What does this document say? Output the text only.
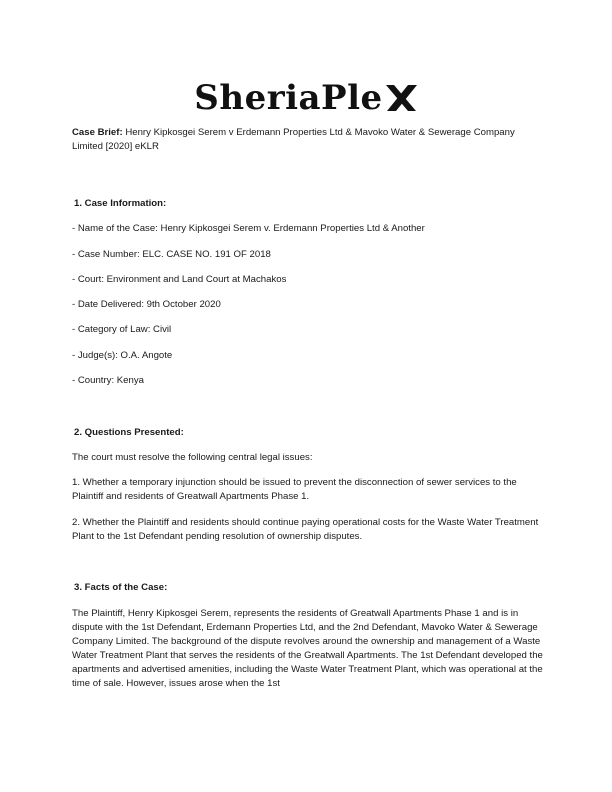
SheriaPle

Case Brief: Henry Kipkosgei Serem v Erdemann Properties Ltd & Mavoko Water & Sewerage Company Limited [2020] eKLR

1. Case Information:

- Name of the Case: Henry Kipkosgei Serem v. Erdemann Properties Ltd & Another

- Case Number: ELC. CASE NO. 191 OF 2018

- Court: Environment and Land Court at Machakos

- Date Delivered: 9th October 2020

- Category of Law: Civil

- Judge(s): O.A. Angote

- Country: Kenya

2. Questions Presented:

The court must resolve the following central legal issues:

1. Whether a temporary injunction should be issued to prevent the disconnection of sewer services to the Plaintiff and residents of Greatwall Apartments Phase 1.

2. Whether the Plaintiff and residents should continue paying operational costs for the Waste Water Treatment Plant to the 1st Defendant pending resolution of ownership disputes.

3. Facts of the Case:

The Plaintiff, Henry Kipkosgei Serem, represents the residents of Greatwall Apartments Phase 1 and is in dispute with the 1st Defendant, Erdemann Properties Ltd, and the 2nd Defendant, Mavoko Water & Sewerage Company Limited. The background of the dispute revolves around the ownership and management of a Waste Water Treatment Plant that serves the residents of the Greatwall Apartments. The 1st Defendant developed the apartments and advertised amenities, including the Waste Water Treatment Plant, which was operational at the time of sale. However, issues arose when the 1st
